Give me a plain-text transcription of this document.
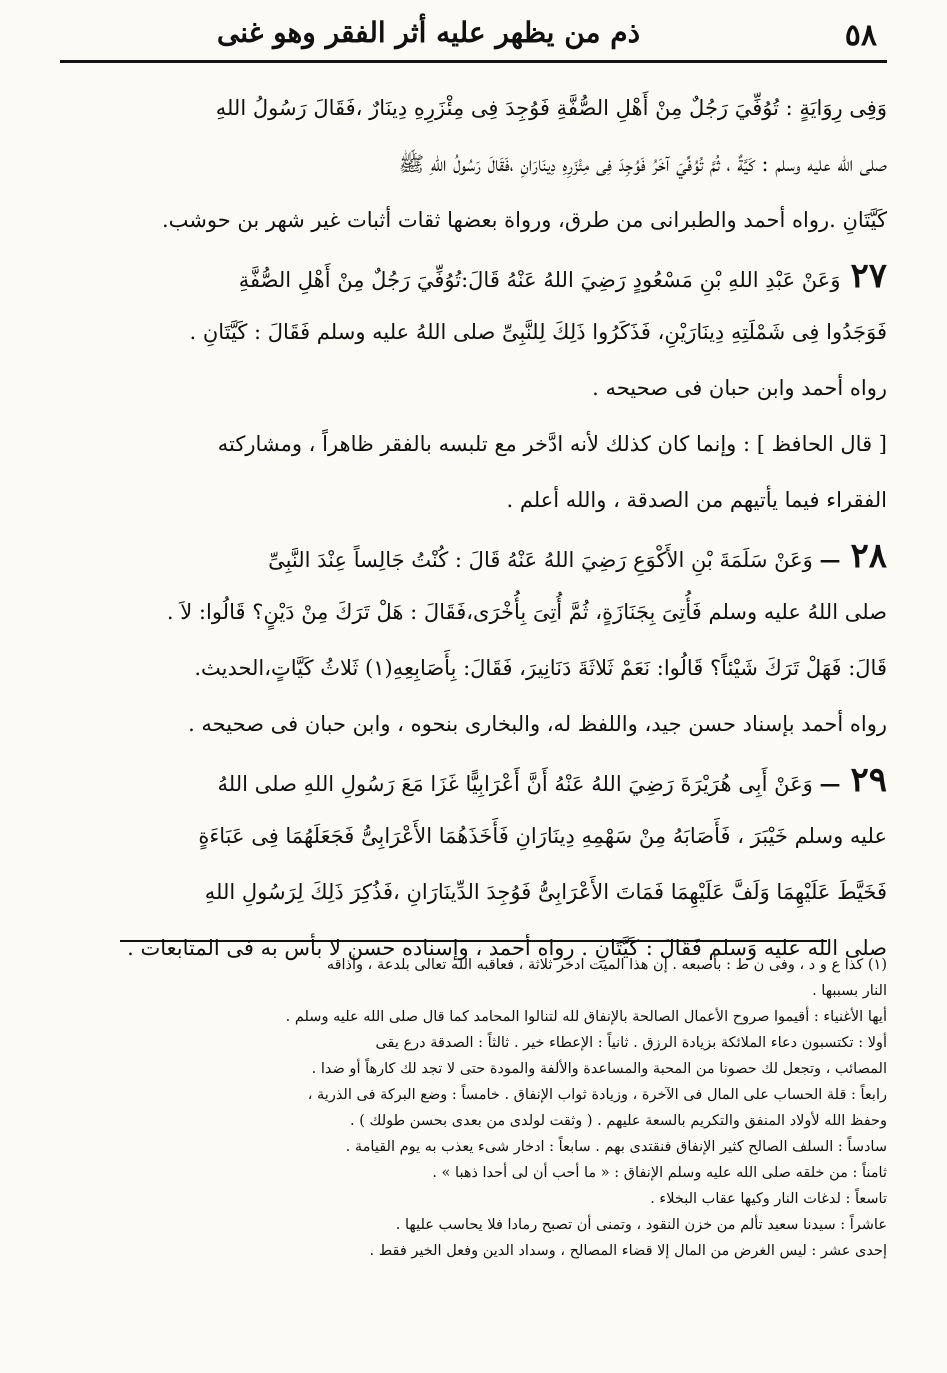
٥٨
ذم من يظهر عليه أثر الفقر وهو غنى
وَفِى رِوَايَةٍ : تُوُفِّيَ رَجُلٌ مِنْ أَهْلِ الصُّفَّةِ فَوُجِدَ فِى مِئْزَرِهِ دِينَارٌ ،فَقَالَ رَسُولُ اللهِ
صلى الله عليه وسلم : كَيَّةٌ ، ثُمَّ تُوُفِّيَ آخَرُ فَوُجِدَ فِى مِئْزَرِهِ دِينَارَانِ ،فَقَالَ رَسُولُ اللهِ ﷺ
كَيَّتَانِ .رواه أحمد والطبرانى من طرق، ورواة بعضها ثقات أثبات غير شهر بن حوشب.
٢٧وَعَنْ عَبْدِ اللهِ بْنِ مَسْعُودٍ رَضِيَ اللهُ عَنْهُ قَالَ:تُوُفِّيَ رَجُلٌ مِنْ أَهْلِ الصُّفَّةِ
فَوَجَدُوا فِى شَمْلَتِهِ دِينَارَيْنِ، فَذَكَرُوا ذَلِكَ لِلنَّبِىِّ صلى اللهُ عليه وسلم فَقَالَ : كَيَّتَانِ .
رواه أحمد وابن حبان فى صحيحه .
[ قال الحافظ ] : وإنما كان كذلك لأنه ادَّخر مع تلبسه بالفقر ظاهراً ، ومشاركته
الفقراء فيما يأتيهم من الصدقة ، والله أعلم .
٢٨— وَعَنْ سَلَمَةَ بْنِ الأَكْوَعِ رَضِيَ اللهُ عَنْهُ قَالَ : كُنْتُ جَالِساً عِنْدَ النَّبِىِّ
صلى اللهُ عليه وسلم فَأُتِىَ بِجَنَازَةٍ، ثُمَّ أُتِىَ بِأُخْرَى،فَقَالَ : هَلْ تَرَكَ مِنْ دَيْنٍ؟ قَالُوا: لاَ .
قَالَ: فَهَلْ تَرَكَ شَيْئاً؟ قَالُوا: نَعَمْ ثَلاثَةَ دَنَانِيرَ، فَقَالَ: بِأَصَابِعِهِ(١) ثَلاثُ كَيَّاتٍ،الحديث.
رواه أحمد بإسناد حسن جيد، واللفظ له، والبخارى بنحوه ، وابن حبان فى صحيحه .
٢٩— وَعَنْ أَبِى هُرَيْرَةَ رَضِيَ اللهُ عَنْهُ أَنَّ أَعْرَابِيًّا غَزَا مَعَ رَسُولِ اللهِ صلى اللهُ
عليه وسلم خَيْبَرَ ، فَأَصَابَهُ مِنْ سَهْمِهِ دِينَارَانِ فَأَخَذَهُمَا الأَعْرَابِىُّ فَجَعَلَهُمَا فِى عَبَاءَةٍ
فَخَيَّطَ عَلَيْهِمَا وَلَفَّ عَلَيْهِمَا فَمَاتَ الأَعْرَابِىُّ فَوُجِدَ الدِّينَارَانِ ،فَذُكِرَ ذَلِكَ لِرَسُولِ اللهِ
صلى الله عليه وَسلم فَقَالَ : كَيَّتَانِ . رواه أحمد ، وإسناده حسن لا بأس به فى المتابعات .
(١) كذا ع و د ، وفى ن ط : بأصبعه . إن هذا الميت ادخر ثلاثة ، فعاقبه الله تعالى بلدعة ، وأذاقه
النار بسببها .
أيها الأغنياء : أقيموا صروح الأعمال الصالحة بالإنفاق لله لتنالوا المحامد كما قال صلى الله عليه وسلم .
أولا : تكتسبون دعاء الملائكة بزيادة الرزق . ثانياً : الإعطاء خير . ثالثاً : الصدقة درع يقى
المصائب ، وتجعل لك حصونا من المحبة والمساعدة والألفة والمودة حتى لا تجد لك كارهاً أو ضدا .
رابعاً : قلة الحساب على المال فى الآخرة ، وزيادة ثواب الإنفاق . خامساً : وضع البركة فى الذرية ،
وحفظ الله لأولاد المنفق والتكريم بالسعة عليهم . ( وثقت لولدى من بعدى بحسن طولك ) .
سادساً : السلف الصالح كثير الإنفاق فنقتدى بهم . سابعاً : ادخار شىء يعذب به يوم القيامة .
ثامناً : من خلقه صلى الله عليه وسلم الإنفاق : « ما أحب أن لى أحدا ذهبا » .
تاسعاً : لدغات النار وكيها عقاب البخلاء .
عاشراً : سيدنا سعيد تألم من خزن النقود ، وتمنى أن تصبح رمادا فلا يحاسب عليها .
إحدى عشر : ليس الغرض من المال إلا قضاء المصالح ، وسداد الدين وفعل الخير فقط .
